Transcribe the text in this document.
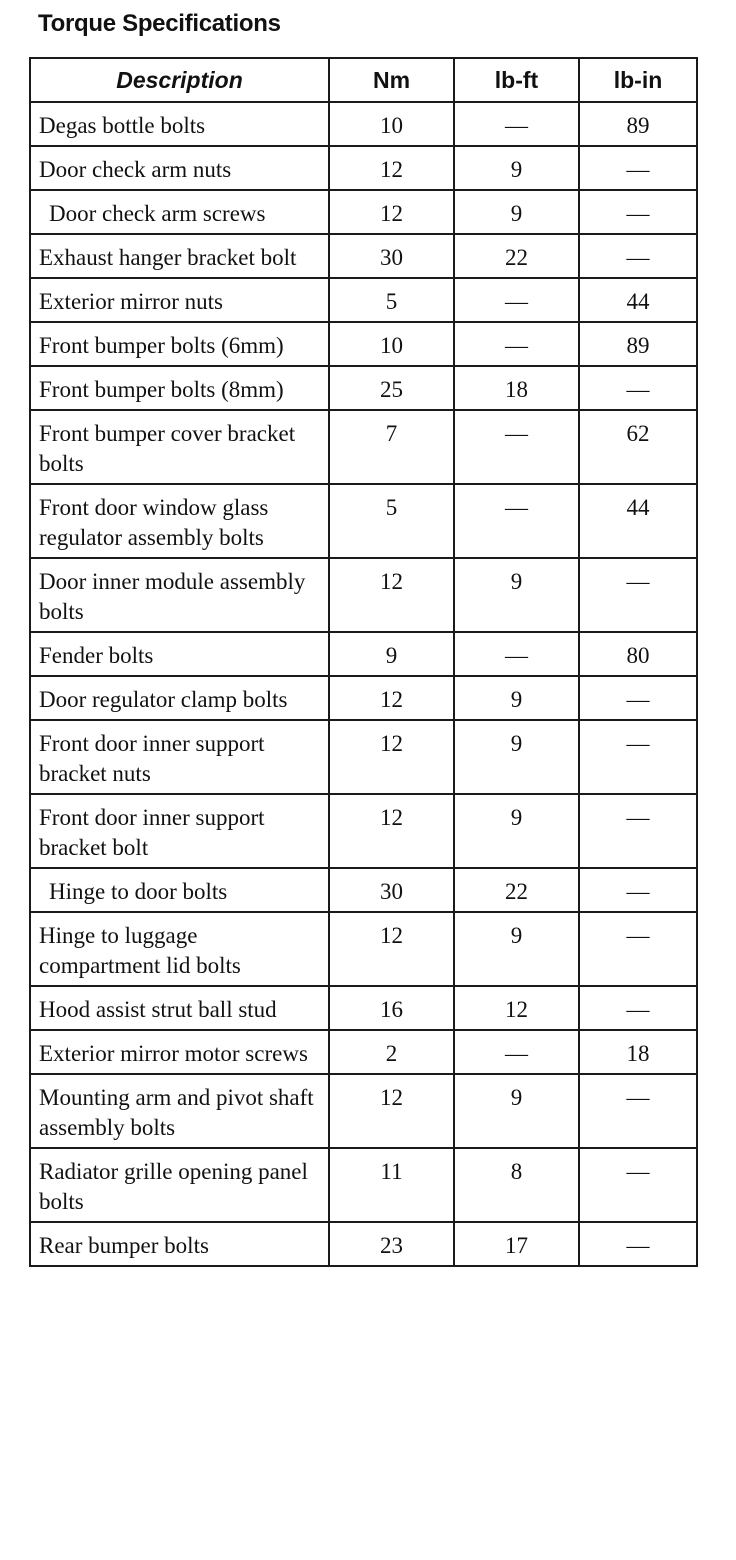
Torque Specifications
Description	Nm	lb-ft	lb-in
Degas bottle bolts	10	—	89
Door check arm nuts	12	9	—
Door check arm screws	12	9	—
Exhaust hanger bracket bolt	30	22	—
Exterior mirror nuts	5	—	44
Front bumper bolts (6mm)	10	—	89
Front bumper bolts (8mm)	25	18	—
Front bumper cover bracket bolts	7	—	62
Front door window glass regulator assembly bolts	5	—	44
Door inner module assembly bolts	12	9	—
Fender bolts	9	—	80
Door regulator clamp bolts	12	9	—
Front door inner support bracket nuts	12	9	—
Front door inner support bracket bolt	12	9	—
Hinge to door bolts	30	22	—
Hinge to luggage compartment lid bolts	12	9	—
Hood assist strut ball stud	16	12	—
Exterior mirror motor screws	2	—	18
Mounting arm and pivot shaft assembly bolts	12	9	—
Radiator grille opening panel bolts	11	8	—
Rear bumper bolts	23	17	—
